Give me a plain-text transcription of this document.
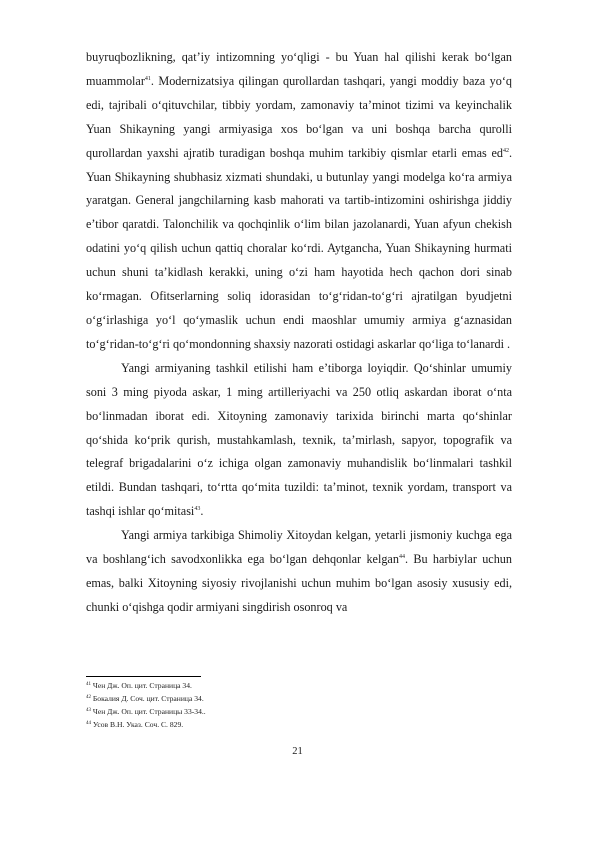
buyruqbozlikning, qat’iy intizomning yo‘qligi - bu Yuan hal qilishi kerak bo‘lgan muammolar$^{41}$. Modernizatsiya qilingan qurollardan tashqari, yangi moddiy baza yo‘q edi, tajribali o‘qituvchilar, tibbiy yordam, zamonaviy ta’minot tizimi va keyinchalik Yuan Shikayning yangi armiyasiga xos bo‘lgan va uni boshqa barcha qurolli qurollardan yaxshi ajratib turadigan boshqa muhim tarkibiy qismlar etarli emas $ed^{42}$. Yuan Shikayning shubhasiz xizmati shundaki, u butunlay yangi modelga ko‘ra armiya yaratgan. General jangchilarning kasb mahorati va tartib-intizomini oshirishga jiddiy e’tibor qaratdi. Talonchilik va qochqinlik o‘lim bilan jazolanardi, Yuan afyun chekish odatini yo‘q qilish uchun qattiq choralar ko‘rdi. Aytgancha, Yuan Shikayning hurmati uchun shuni ta’kidlash kerakki, uning o‘zi ham hayotida hech qachon dori sinab ko‘rmagan. Ofitserlarning soliq idorasidan to‘g‘ridan-to‘g‘ri ajratilgan byudjetni o‘g‘irlashiga yo‘l qo‘ymaslik uchun endi maoshlar umumiy armiya g‘aznasidan to‘g‘ridan-to‘g‘ri qo‘mondonning shaxsiy nazorati ostidagi askarlar qo‘liga to‘lanardi .

Yangi armiyaning tashkil etilishi ham e’tiborga loyiqdir. Qo‘shinlar umumiy soni 3 ming piyoda askar, 1 ming artilleriyachi va 250 otliq askardan iborat o‘nta bo‘linmadan iborat edi. Xitoyning zamonaviy tarixida birinchi marta qo‘shinlar qo‘shida ko‘prik qurish, mustahkamlash, texnik, ta’mirlash, sapyor, topografik va telegraf brigadalarini o‘z ichiga olgan zamonaviy muhandislik bo‘linmalari tashkil etildi. Bundan tashqari, to‘rtta qo‘mita tuzildi: ta’minot, texnik yordam, transport va tashqi ishlar qo‘mitasi$^{43}$.

Yangi armiya tarkibiga Shimoliy Xitoydan kelgan, yetarli jismoniy kuchga ega va boshlang‘ich savodxonlikka ega bo‘lgan dehqonlar kelgan$^{44}$. Bu harbiylar uchun emas, balki Xitoyning siyosiy rivojlanishi uchun muhim bo‘lgan asosiy xususiy edi, chunki o‘qishga qodir armiyani singdirish osonroq va

$^{41}$ Чен Дж. Оп. цит. Страница 34.

$^{42}$ Бокалия Д. Соч. цит. Страница 34.

$^{43}$ Чен Дж. Оп. цит. Страницы 33-34..

$^{44}$ Усов В.Н. Указ. Соч. С. 829.

21
